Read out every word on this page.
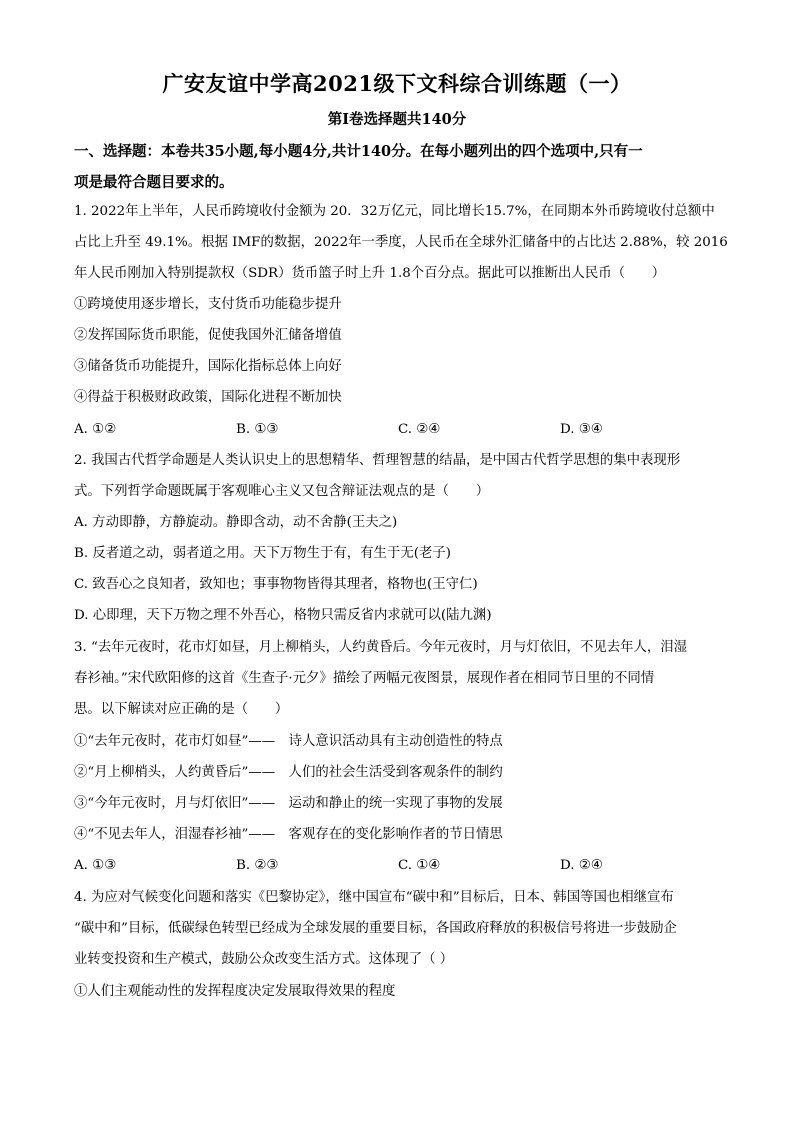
广安友谊中学高2021级下文科综合训练题（一）
第Ⅰ卷选择题共140分
一、选择题：本卷共35小题,每小题4分,共计140分。在每小题列出的四个选项中,只有一
项是最符合题目要求的。
1. 2022年上半年，人民币跨境收付金额为 20．32万亿元，同比增长15.7%，在同期本外币跨境收付总额中
占比上升至 49.1%。根据 IMF的数据，2022年一季度，人民币在全球外汇储备中的占比达 2.88%，较 2016
年人民币刚加入特别提款权（SDR）货币篮子时上升 1.8个百分点。据此可以推断出人民币（　　）
①跨境使用逐步增长，支付货币功能稳步提升
②发挥国际货币职能，促使我国外汇储备增值
③储备货币功能提升，国际化指标总体上向好
④得益于积极财政政策，国际化进程不断加快
A. ①②	B. ①③	C. ②④	D. ③④
2. 我国古代哲学命题是人类认识史上的思想精华、哲理智慧的结晶，是中国古代哲学思想的集中表现形
式。下列哲学命题既属于客观唯心主义又包含辩证法观点的是（　　）
A. 方动即静，方静旋动。静即含动，动不舍静(王夫之)
B. 反者道之动，弱者道之用。天下万物生于有，有生于无(老子)
C. 致吾心之良知者，致知也；事事物物皆得其理者，格物也(王守仁)
D. 心即理，天下万物之理不外吾心，格物只需反省内求就可以(陆九渊)
3. “去年元夜时，花市灯如昼，月上柳梢头，人约黄昏后。今年元夜时，月与灯依旧，不见去年人，泪湿
春衫袖。”宋代欧阳修的这首《生查子·元夕》描绘了两幅元夜图景，展现作者在相同节日里的不同情
思。以下解读对应正确的是（　　）
①“去年元夜时，花市灯如昼”——　诗人意识活动具有主动创造性的特点
②“月上柳梢头，人约黄昏后”——　人们的社会生活受到客观条件的制约
③“今年元夜时，月与灯依旧”——　运动和静止的统一实现了事物的发展
④“不见去年人，泪湿春衫袖”——　客观存在的变化影响作者的节日情思
A. ①③	B. ②③	C. ①④	D. ②④
4. 为应对气候变化问题和落实《巴黎协定》，继中国宣布“碳中和”目标后，日本、韩国等国也相继宣布
“碳中和”目标，低碳绿色转型已经成为全球发展的重要目标，各国政府释放的积极信号将进一步鼓励企
业转变投资和生产模式，鼓励公众改变生活方式。这体现了（ ）
①人们主观能动性的发挥程度决定发展取得效果的程度
